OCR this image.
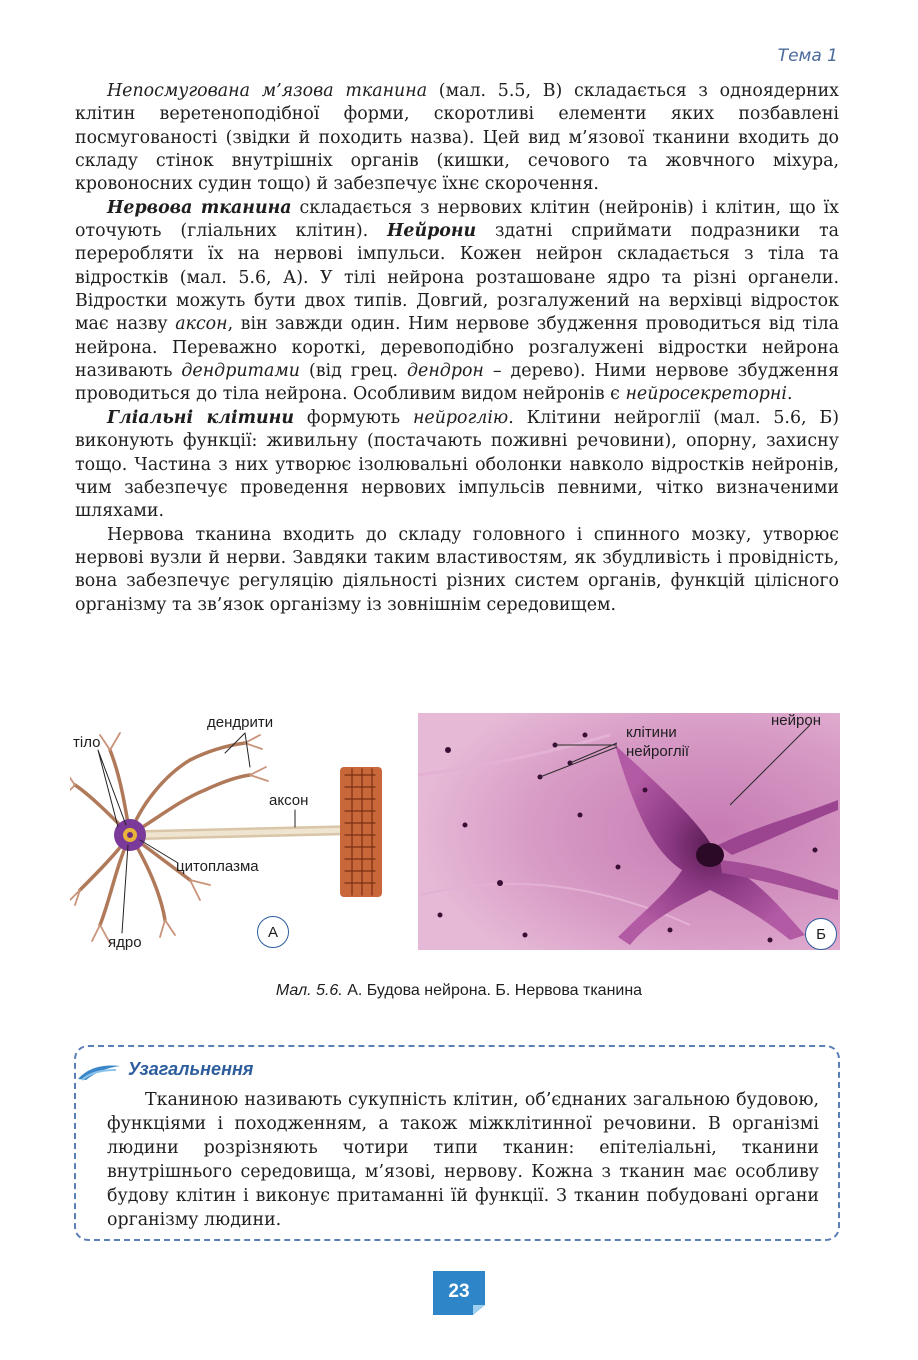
Тема 1

Непосмугована м’язова тканина (мал. 5.5, В) складається з одноядерних клітин веретеноподібної форми, скоротливі елементи яких позбавлені посмугованості (звідки й походить назва). Цей вид м’язової тканини входить до складу стінок внутрішніх органів (кишки, сечового та жовчного міхура, кровоносних судин тощо) й забезпечує їхнє скорочення.

Нервова тканина складається з нервових клітин (нейронів) і клітин, що їх оточують (гліальних клітин). Нейрони здатні сприймати подразники та переробляти їх на нервові імпульси. Кожен нейрон складається з тіла та відростків (мал. 5.6, А). У тілі нейрона розташоване ядро та різні органели. Відростки можуть бути двох типів. Довгий, розгалужений на верхівці відросток має назву аксон, він завжди один. Ним нервове збудження проводиться від тіла нейрона. Переважно короткі, деревоподібно розгалужені відростки нейрона називають дендритами (від грец. дендрон – дерево). Ними нервове збудження проводиться до тіла нейрона. Особливим видом нейронів є нейросекреторні.

Гліальні клітини формують нейроглію. Клітини нейроглії (мал. 5.6, Б) виконують функції: живильну (постачають поживні речовини), опорну, захисну тощо. Частина з них утворює ізолювальні оболонки навколо відростків нейронів, чим забезпечує проведення нервових імпульсів певними, чітко визначеними шляхами.

Нервова тканина входить до складу головного і спинного мозку, утворює нервові вузли й нерви. Завдяки таким властивостям, як збудливість і провідність, вона забезпечує регуляцію діяльності різних систем органів, функцій цілісного організму та зв’язок організму із зовнішнім середовищем.

дендрити
тіло
аксон
цитоплазма
ядро
клітини нейроглії
нейрон
А	Б
Мал. 5.6. А. Будова нейрона. Б. Нервова тканина
Узагальнення

Тканиною називають сукупність клітин, об’єднаних загальною будовою, функціями і походженням, а також міжклітинної речовини. В організмі людини розрізняють чотири типи тканин: епітеліальні, тканини внутрішнього середовища, м’язові, нервову. Кожна з тканин має особливу будову клітин і виконує притаманні їй функції. З тканин побудовані органи організму людини.

23
